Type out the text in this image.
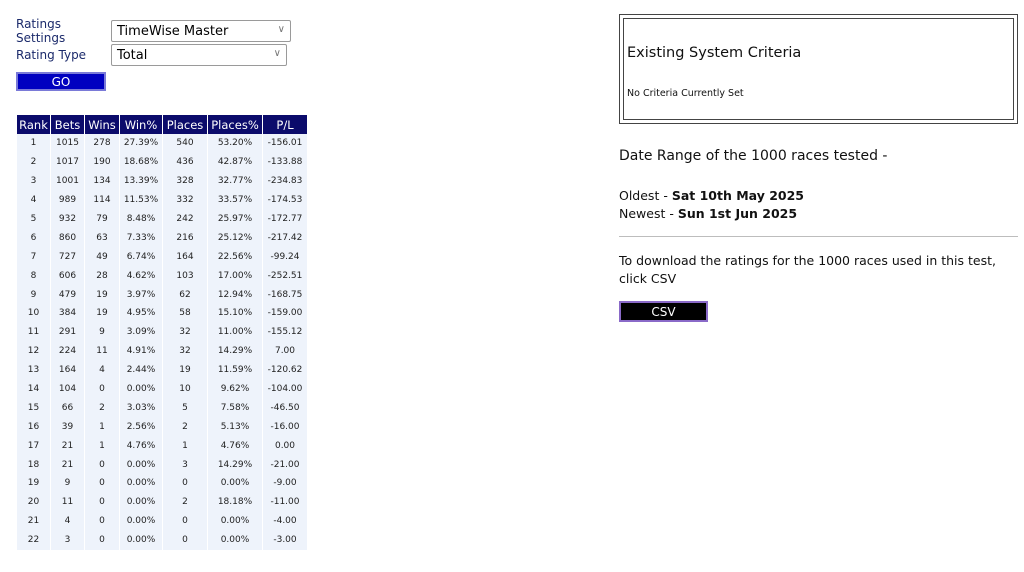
Ratings Settings	TimeWise Master	∨
Rating Type	Total	∨
GO
Rank	Bets	Wins	Win%	Places	Places%	P/L
1	1015	278	27.39%	540	53.20%	-156.01
2	1017	190	18.68%	436	42.87%	-133.88
3	1001	134	13.39%	328	32.77%	-234.83
4	989	114	11.53%	332	33.57%	-174.53
5	932	79	8.48%	242	25.97%	-172.77
6	860	63	7.33%	216	25.12%	-217.42
7	727	49	6.74%	164	22.56%	-99.24
8	606	28	4.62%	103	17.00%	-252.51
9	479	19	3.97%	62	12.94%	-168.75
10	384	19	4.95%	58	15.10%	-159.00
11	291	9	3.09%	32	11.00%	-155.12
12	224	11	4.91%	32	14.29%	7.00
13	164	4	2.44%	19	11.59%	-120.62
14	104	0	0.00%	10	9.62%	-104.00
15	66	2	3.03%	5	7.58%	-46.50
16	39	1	2.56%	2	5.13%	-16.00
17	21	1	4.76%	1	4.76%	0.00
18	21	0	0.00%	3	14.29%	-21.00
19	9	0	0.00%	0	0.00%	-9.00
20	11	0	0.00%	2	18.18%	-11.00
21	4	0	0.00%	0	0.00%	-4.00
22	3	0	0.00%	0	0.00%	-3.00
Existing System Criteria
No Criteria Currently Set
Date Range of the 1000 races tested -
Oldest - Sat 10th May 2025
Newest - Sun 1st Jun 2025
To download the ratings for the 1000 races used in this test, click CSV
CSV
